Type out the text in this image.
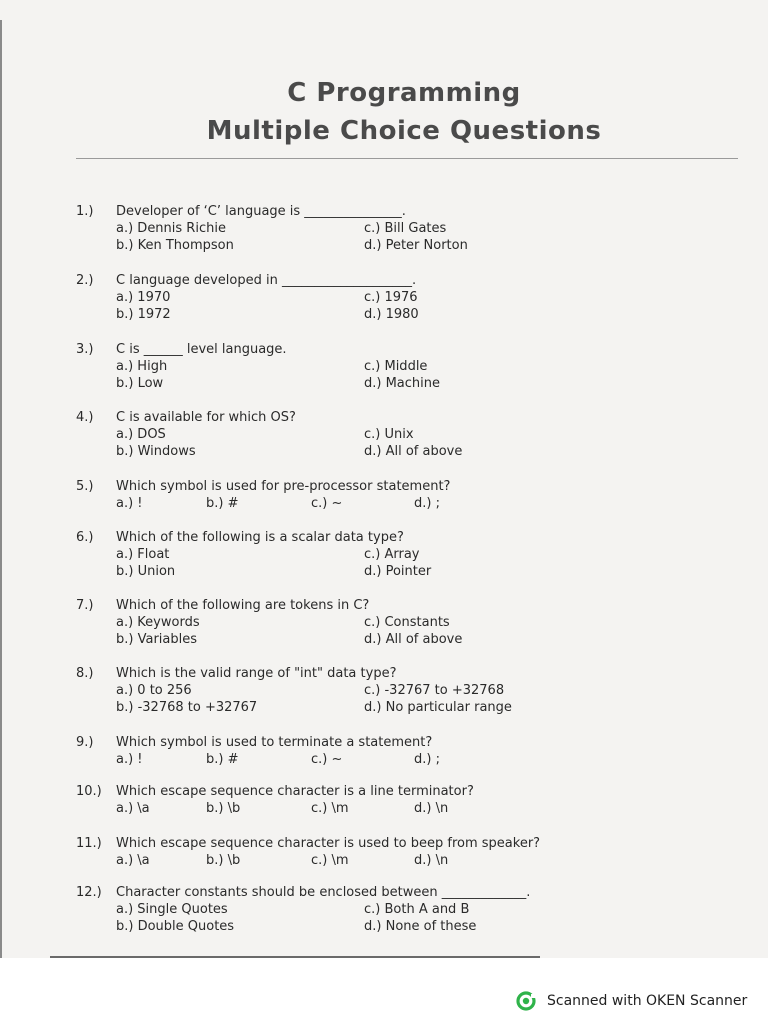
C Programming
Multiple Choice Questions
1.) Developer of ‘C’ language is _______________.
a.) Dennis Richie
b.) Ken Thompson
c.) Bill Gates
d.) Peter Norton
2.) C language developed in ____________________.
a.) 1970
b.) 1972
c.) 1976
d.) 1980
3.) C is ______ level language.
a.) High
b.) Low
c.) Middle
d.) Machine
4.) C is available for which OS?
a.) DOS
b.) Windows
c.) Unix
d.) All of above
5.) Which symbol is used for pre-processor statement?
a.) !	b.) #	c.) ~	d.) ;
6.) Which of the following is a scalar data type?
a.) Float
b.) Union
c.) Array
d.) Pointer
7.) Which of the following are tokens in C?
a.) Keywords
b.) Variables
c.) Constants
d.) All of above
8.) Which is the valid range of "int" data type?
a.) 0 to 256
b.) -32768 to +32767
c.) -32767 to +32768
d.) No particular range
9.) Which symbol is used to terminate a statement?
a.) !	b.) #	c.) ~	d.) ;
10.) Which escape sequence character is a line terminator?
a.) \a	b.) \b	c.) \m	d.) \n
11.) Which escape sequence character is used to beep from speaker?
a.) \a	b.) \b	c.) \m	d.) \n
12.) Character constants should be enclosed between _____________.
a.) Single Quotes
b.) Double Quotes
c.) Both A and B
d.) None of these
Scanned with OKEN Scanner
